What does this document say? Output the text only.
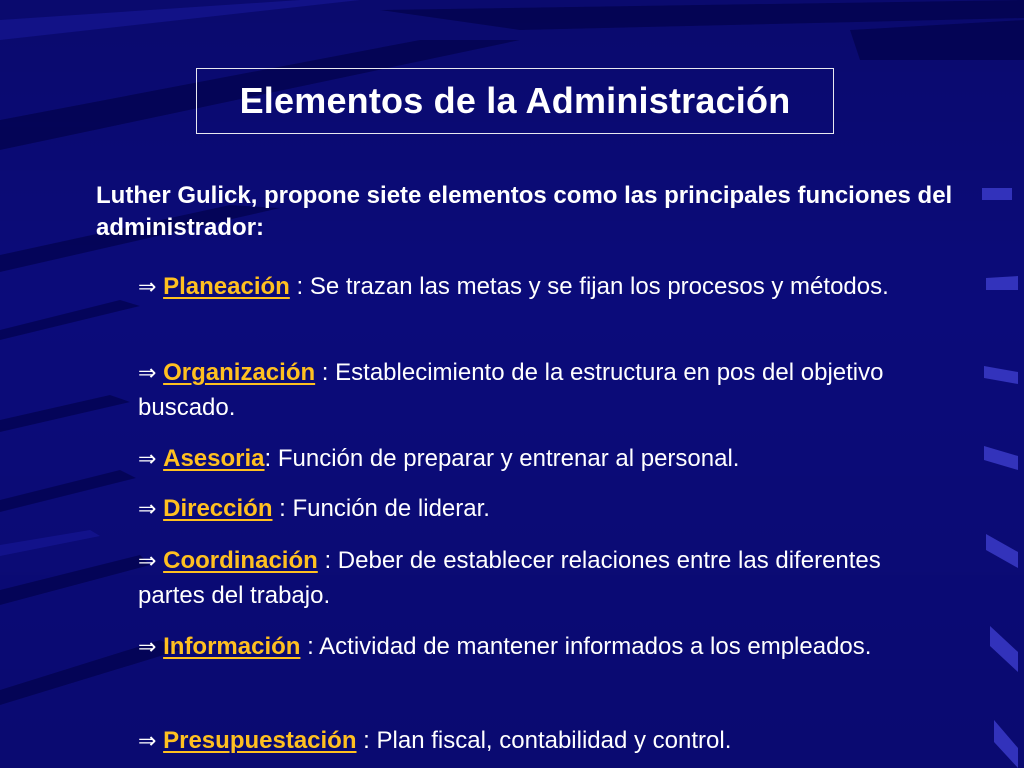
Elementos de la Administración

Luther Gulick, propone siete elementos como las principales funciones del administrador:

⇒ Planeación : Se trazan las metas y se fijan los procesos y métodos.

⇒ Organización : Establecimiento de la estructura en pos del objetivo buscado.

⇒ Asesoria: Función de preparar y entrenar al personal.

⇒ Dirección : Función de liderar.

⇒ Coordinación : Deber de establecer relaciones entre las diferentes partes del trabajo.

⇒ Información : Actividad de mantener informados a los empleados.

⇒ Presupuestación : Plan fiscal, contabilidad y control.
